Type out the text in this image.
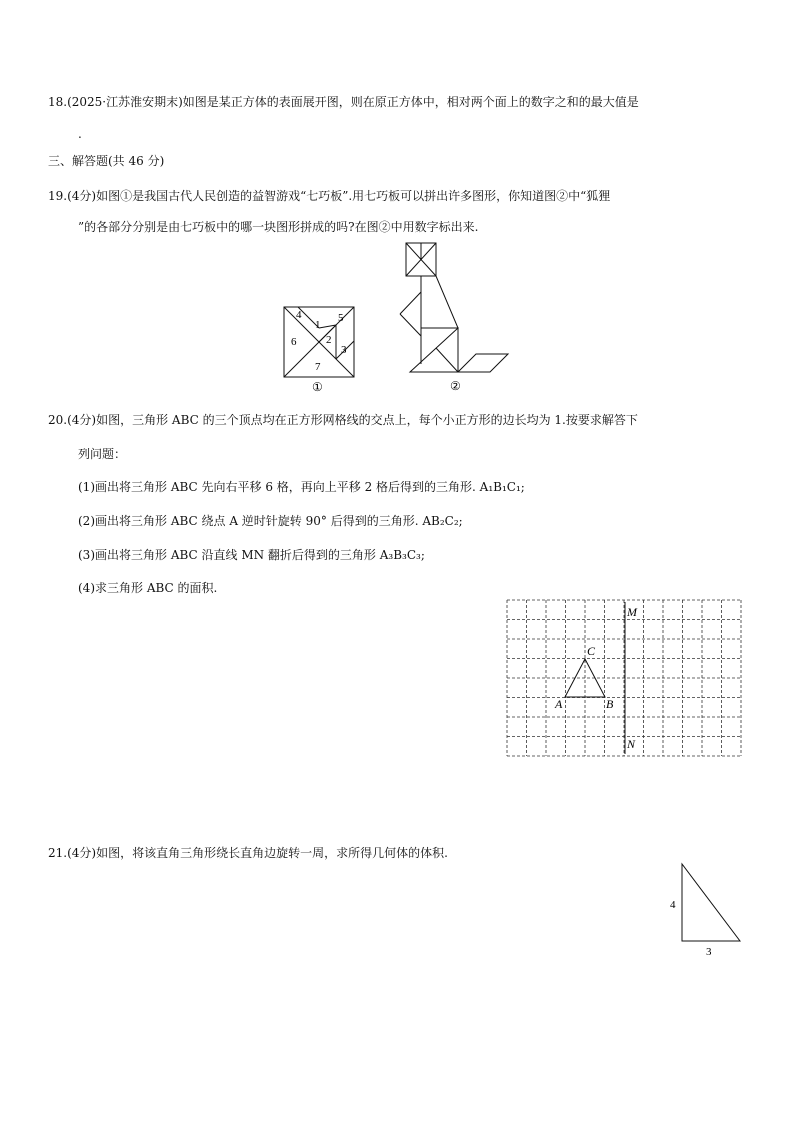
18.(2025·江苏淮安期末)如图是某正方体的表面展开图，则在原正方体中，相对两个面上的数字之和的最大值是
.
三、解答题(共 46 分)
19.(4分)如图①是我国古代人民创造的益智游戏“七巧板”.用七巧板可以拼出许多图形，你知道图②中“狐狸
”的各部分分别是由七巧板中的哪一块图形拼成的吗?在图②中用数字标出来.
4
1
5
6	2
3
7
①	②
20.(4分)如图，三角形 ABC 的三个顶点均在正方形网格线的交点上，每个小正方形的边长均为 1.按要求解答下
列问题：
(1)画出将三角形 ABC 先向右平移 6 格，再向上平移 2 格后得到的三角形. A₁B₁C₁;
(2)画出将三角形 ABC 绕点 A 逆时针旋转 90° 后得到的三角形. AB₂C₂;
(3)画出将三角形 ABC 沿直线 MN 翻折后得到的三角形 A₃B₃C₃;
(4)求三角形 ABC 的面积.
C
A	B
M
N
21.(4分)如图，将该直角三角形绕长直角边旋转一周，求所得几何体的体积.
4
3
